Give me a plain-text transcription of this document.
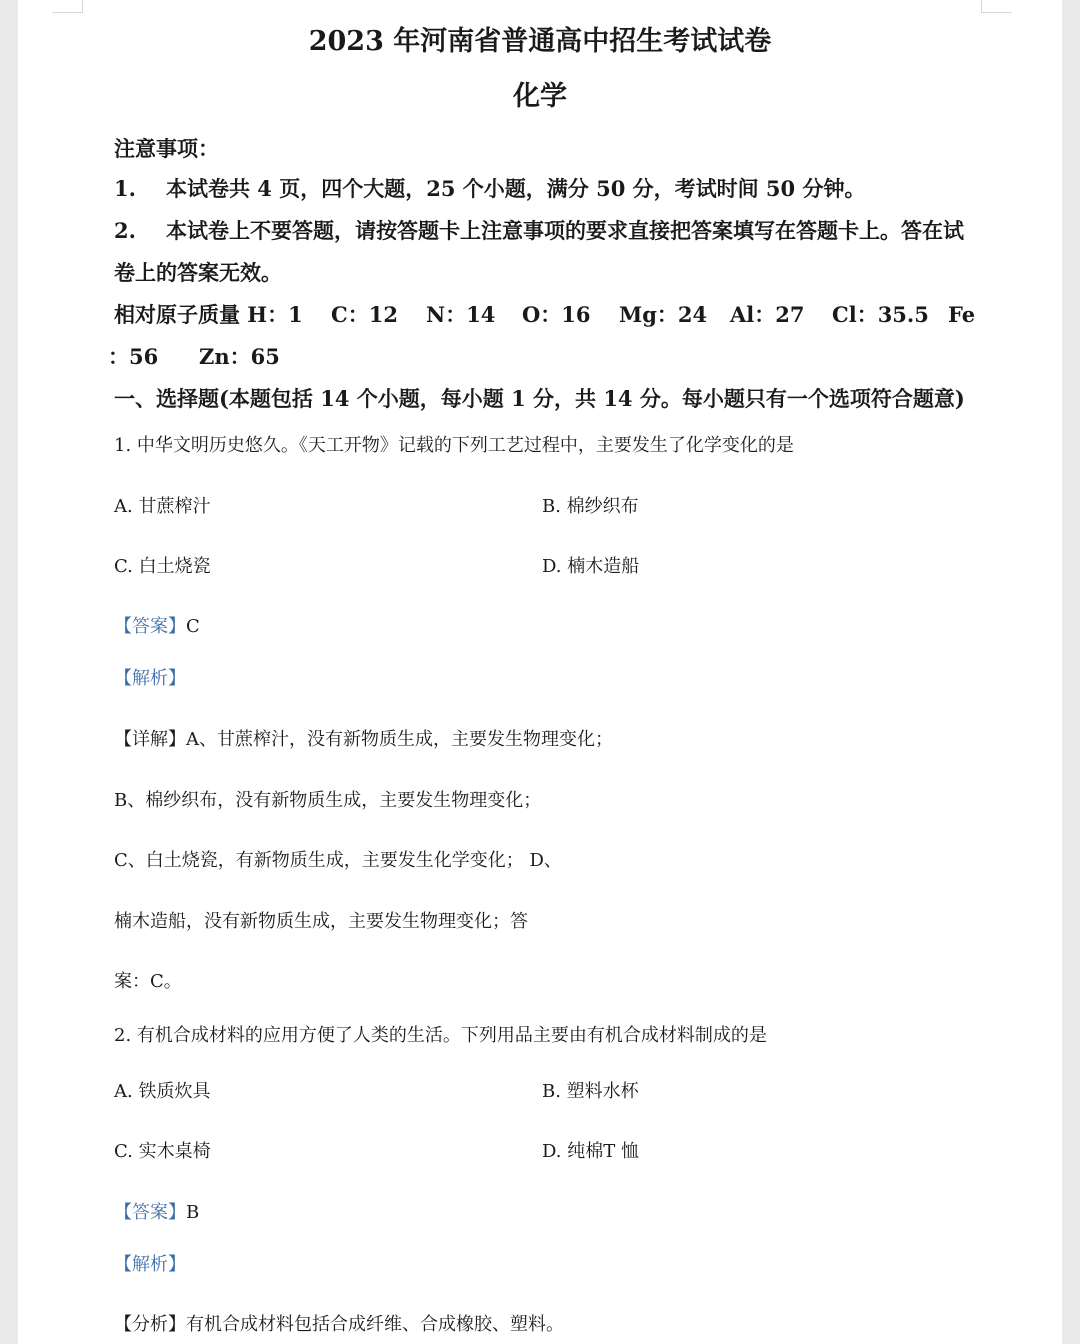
2023 年河南省普通高中招生考试试卷
化学
注意事项：
1. 本试卷共 4 页，四个大题，25 个小题，满分 50 分，考试时间 50 分钟。
2. 本试卷上不要答题，请按答题卡上注意事项的要求直接把答案填写在答题卡上。答在试
卷上的答案无效。
相对原子质量 H：1 C：12 N：14 O：16 Mg：24 Al：27 Cl：35.5 Fe
：56 Zn：65
一、选择题(本题包括 14 个小题，每小题 1 分，共 14 分。每小题只有一个选项符合题意)
1. 中华文明历史悠久。《天工开物》记载的下列工艺过程中，主要发生了化学变化的是
A. 甘蔗榨汁	B. 棉纱织布
C. 白土烧瓷	D. 楠木造船
【答案】C
【解析】
【详解】A、甘蔗榨汁，没有新物质生成，主要发生物理变化；
B、棉纱织布，没有新物质生成，主要发生物理变化；
C、白土烧瓷，有新物质生成，主要发生化学变化； D、
楠木造船，没有新物质生成，主要发生物理变化；答
案：C。
2. 有机合成材料的应用方便了人类的生活。下列用品主要由有机合成材料制成的是
A. 铁质炊具	B. 塑料水杯
C. 实木桌椅	D. 纯棉T 恤
【答案】B
【解析】
【分析】有机合成材料包括合成纤维、合成橡胶、塑料。
